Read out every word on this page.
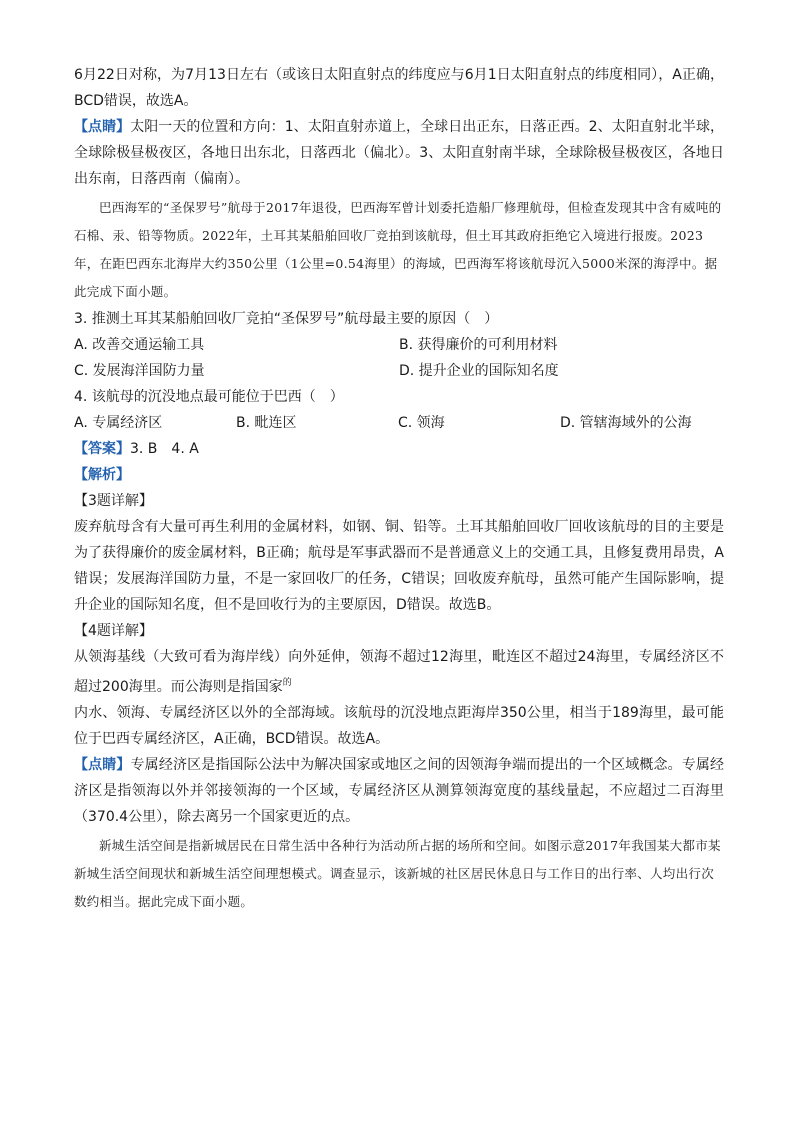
6月22日对称，为7月13日左右（或该日太阳直射点的纬度应与6月1日太阳直射点的纬度相同），A正确，BCD错误，故选A。

【点睛】太阳一天的位置和方向：1、太阳直射赤道上，全球日出正东，日落正西。2、太阳直射北半球，全球除极昼极夜区，各地日出东北，日落西北（偏北）。3、太阳直射南半球，全球除极昼极夜区，各地日出东南，日落西南（偏南）。

巴西海军的“圣保罗号”航母于2017年退役，巴西海军曾计划委托造船厂修理航母，但检查发现其中含有威吨的石棉、汞、铅等物质。2022年，土耳其某船舶回收厂竞拍到该航母，但土耳其政府拒绝它入境进行报废。2023年，在距巴西东北海岸大约350公里（1公里=0.54海里）的海域，巴西海军将该航母沉入5000米深的海浮中。据此完成下面小题。

3. 推测土耳其某船舶回收厂竞拍“圣保罗号”航母最主要的原因（　）

A. 改善交通运输工具	B. 获得廉价的可利用材料
C. 发展海洋国防力量	D. 提升企业的国际知名度

4. 该航母的沉没地点最可能位于巴西（　）

A. 专属经济区	B. 毗连区	C. 领海	D. 管辖海域外的公海

【答案】3. B　4. A

【解析】

【3题详解】

废弃航母含有大量可再生利用的金属材料，如钢、铜、铅等。土耳其船舶回收厂回收该航母的目的主要是为了获得廉价的废金属材料，B正确；航母是军事武器而不是普通意义上的交通工具，且修复费用昂贵，A错误；发展海洋国防力量，不是一家回收厂的任务，C错误；回收废弃航母，虽然可能产生国际影响，提升企业的国际知名度，但不是回收行为的主要原因，D错误。故选B。

【4题详解】

从领海基线（大致可看为海岸线）向外延伸，领海不超过12海里，毗连区不超过24海里，专属经济区不超过200海里。而公海则是指国家$^的$

内水、领海、专属经济区以外的全部海域。该航母的沉没地点距海岸350公里，相当于189海里，最可能位于巴西专属经济区，A正确，BCD错误。故选A。

【点睛】专属经济区是指国际公法中为解决国家或地区之间的因领海争端而提出的一个区域概念。专属经济区是指领海以外并邻接领海的一个区域，专属经济区从测算领海宽度的基线量起，不应超过二百海里（370.4公里），除去离另一个国家更近的点。

新城生活空间是指新城居民在日常生活中各种行为活动所占据的场所和空间。如图示意2017年我国某大都市某新城生活空间现状和新城生活空间理想模式。调查显示，该新城的社区居民休息日与工作日的出行率、人均出行次数约相当。据此完成下面小题。
